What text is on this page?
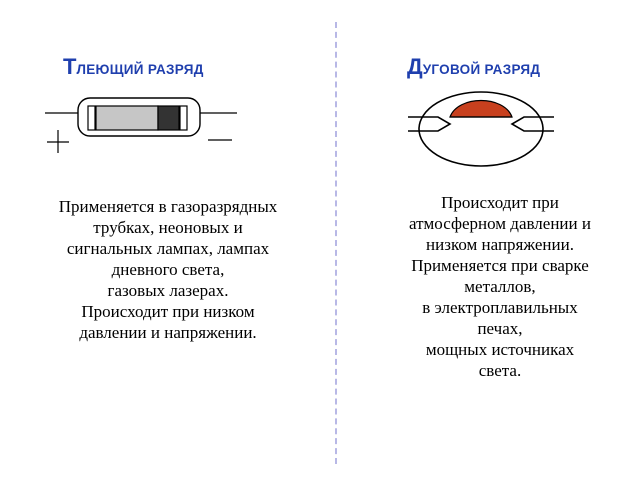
ТЛЕЮЩИЙ РАЗРЯД
Применяется в газоразрядных
трубках, неоновых и
сигнальных лампах, лампах
дневного света,
газовых лазерах.
Происходит при низком
давлении и напряжении.
ДУГОВОЙ РАЗРЯД
Происходит при
атмосферном давлении и
низком напряжении.
Применяется при сварке
металлов,
в электроплавильных
печах,
мощных источниках
света.
